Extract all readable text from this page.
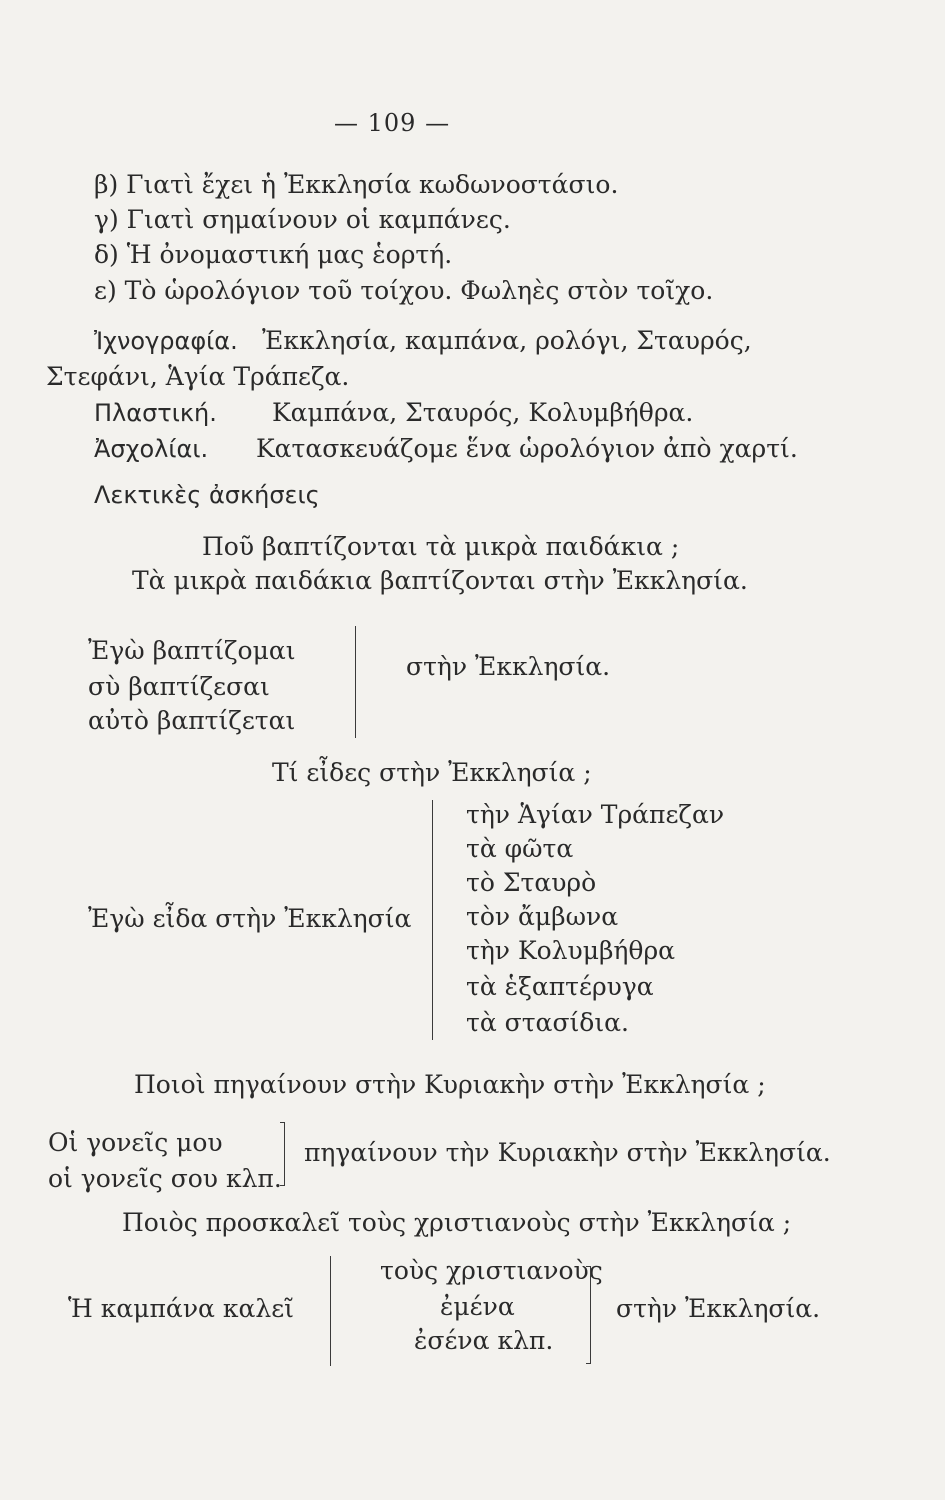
— 109 —
β) Γιατὶ ἔχει ἡ Ἐκκλησία κωδωνοστάσιο.
γ) Γιατὶ σημαίνουν οἱ καμπάνες.
δ) Ἡ ὀνομαστική μας ἑορτή.
ε) Τὸ ὡρολόγιον τοῦ τοίχου. Φωληὲς στὸν τοῖχο.
Ἰχνογραφία. Ἐκκλησία, καμπάνα, ρολόγι, Σταυρός,
Στεφάνι, Ἁγία Τράπεζα.
Πλαστική. Καμπάνα, Σταυρός, Κολυμβήθρα.
Ἀσχολίαι. Κατασκευάζομε ἕνα ὡρολόγιον ἀπὸ χαρτί.
Λεκτικὲς ἀσκήσεις
Ποῦ βαπτίζονται τὰ μικρὰ παιδάκια ;
Τὰ μικρὰ παιδάκια βαπτίζονται στὴν Ἐκκλησία.
Ἐγὼ βαπτίζομαι
σὺ βαπτίζεσαι
αὐτὸ βαπτίζεται
στὴν Ἐκκλησία.
Τί εἶδες στὴν Ἐκκλησία ;
Ἐγὼ εἶδα στὴν Ἐκκλησία
τὴν Ἁγίαν Τράπεζαν
τὰ φῶτα
τὸ Σταυρὸ
τὸν ἄμβωνα
τὴν Κολυμβήθρα
τὰ ἑξαπτέρυγα
τὰ στασίδια.
Ποιοὶ πηγαίνουν στὴν Κυριακὴν στὴν Ἐκκλησία ;
Οἱ γονεῖς μου
οἱ γονεῖς σου κλπ.
πηγαίνουν τὴν Κυριακὴν στὴν Ἐκκλησία.
Ποιὸς προσκαλεῖ τοὺς χριστιανοὺς στὴν Ἐκκλησία ;
Ἡ καμπάνα καλεῖ
τοὺς χριστιανοὺς
ἐμένα
ἐσένα κλπ.
στὴν Ἐκκλησία.
